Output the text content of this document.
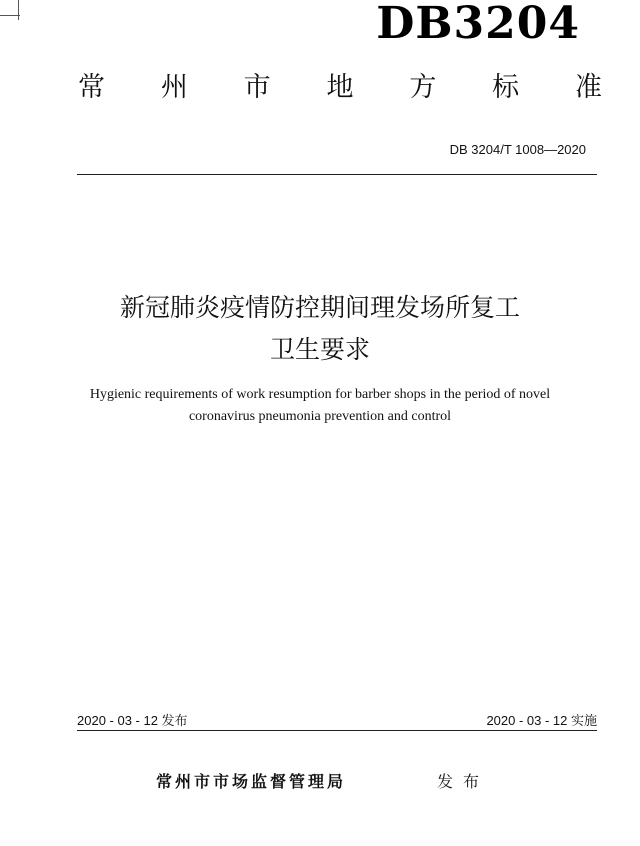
DB3204
常 州 市 地 方 标 准
DB 3204/T 1008—2020
新冠肺炎疫情防控期间理发场所复工
卫生要求
Hygienic requirements of work resumption for barber shops in the period of novel
coronavirus pneumonia prevention and control
2020 - 03 - 12 发布	2020 - 03 - 12 实施
常州市市场监督管理局	发布
